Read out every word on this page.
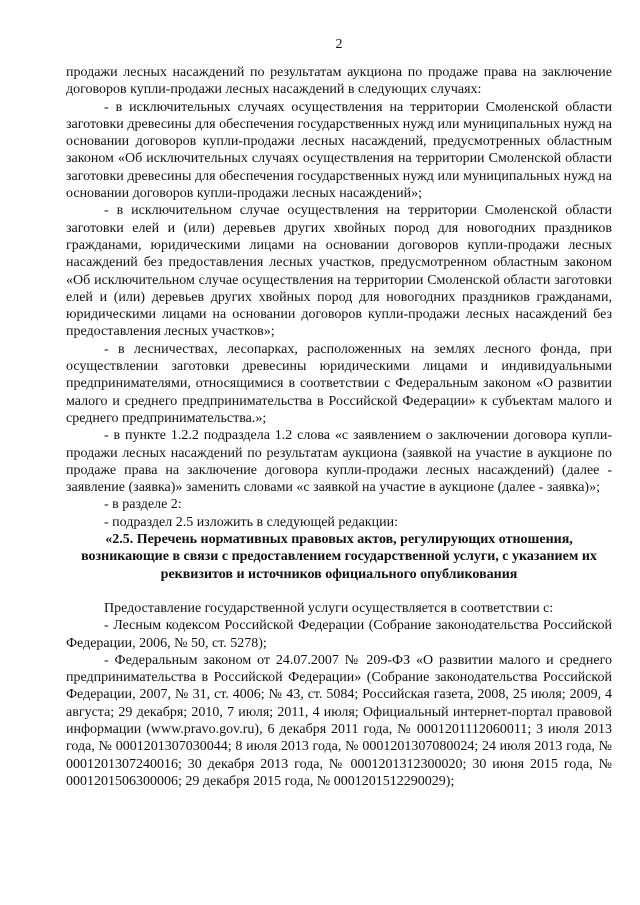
2

продажи лесных насаждений по результатам аукциона по продаже права на заключение договоров купли-продажи лесных насаждений в следующих случаях:

- в исключительных случаях осуществления на территории Смоленской области заготовки древесины для обеспечения государственных нужд или муниципальных нужд на основании договоров купли-продажи лесных насаждений, предусмотренных областным законом «Об исключительных случаях осуществления на территории Смоленской области заготовки древесины для обеспечения государственных нужд или муниципальных нужд на основании договоров купли-продажи лесных насаждений»;

- в исключительном случае осуществления на территории Смоленской области заготовки елей и (или) деревьев других хвойных пород для новогодних праздников гражданами, юридическими лицами на основании договоров купли-продажи лесных насаждений без предоставления лесных участков, предусмотренном областным законом «Об исключительном случае осуществления на территории Смоленской области заготовки елей и (или) деревьев других хвойных пород для новогодних праздников гражданами, юридическими лицами на основании договоров купли-продажи лесных насаждений без предоставления лесных участков»;

- в лесничествах, лесопарках, расположенных на землях лесного фонда, при осуществлении заготовки древесины юридическими лицами и индивидуальными предпринимателями, относящимися в соответствии с Федеральным законом «О развитии малого и среднего предпринимательства в Российской Федерации» к субъектам малого и среднего предпринимательства.»;

- в пункте 1.2.2 подраздела 1.2 слова «с заявлением о заключении договора купли-продажи лесных насаждений по результатам аукциона (заявкой на участие в аукционе по продаже права на заключение договора купли-продажи лесных насаждений) (далее - заявление (заявка)» заменить словами «с заявкой на участие в аукционе (далее - заявка)»;

- в разделе 2:

- подраздел 2.5 изложить в следующей редакции:

«2.5. Перечень нормативных правовых актов, регулирующих отношения, возникающие в связи с предоставлением государственной услуги, с указанием их реквизитов и источников официального опубликования

Предоставление государственной услуги осуществляется в соответствии с:

- Лесным кодексом Российской Федерации (Собрание законодательства Российской Федерации, 2006, № 50, ст. 5278);

- Федеральным законом от 24.07.2007 № 209-ФЗ «О развитии малого и среднего предпринимательства в Российской Федерации» (Собрание законодательства Российской Федерации, 2007, № 31, ст. 4006; № 43, ст. 5084; Российская газета, 2008, 25 июля; 2009, 4 августа; 29 декабря; 2010, 7 июля; 2011, 4 июля; Официальный интернет-портал правовой информации (www.pravo.gov.ru), 6 декабря 2011 года, № 0001201112060011; 3 июля 2013 года, № 0001201307030044; 8 июля 2013 года, № 0001201307080024; 24 июля 2013 года, № 0001201307240016; 30 декабря 2013 года, № 0001201312300020; 30 июня 2015 года, № 0001201506300006; 29 декабря 2015 года, № 0001201512290029);
